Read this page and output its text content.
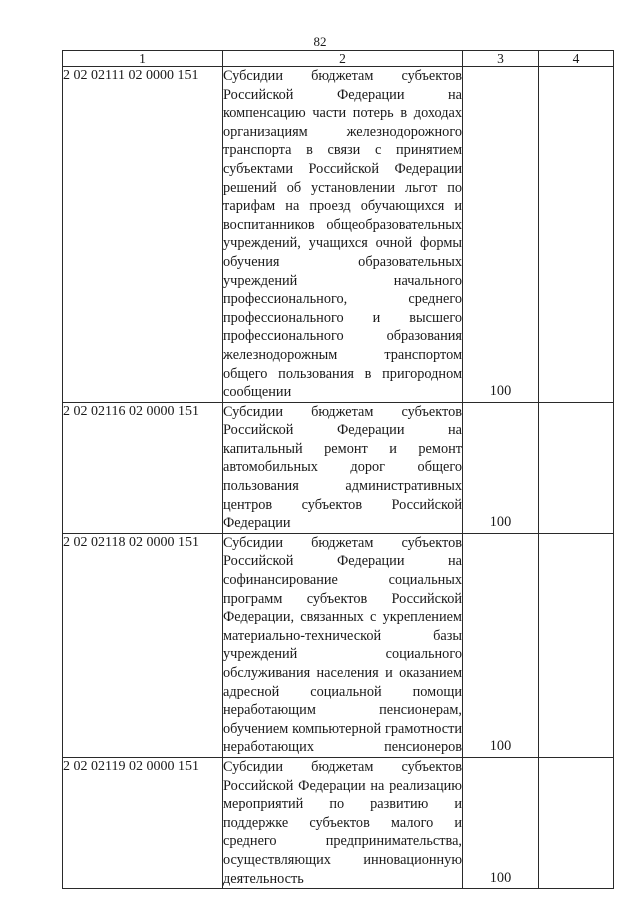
82
1	2	3	4
2 02 02111 02 0000 151	Субсидии бюджетам субъектов Российской Федерации на компенсацию части потерь в доходах организациям железнодорожного транспорта в связи с принятием субъектами Российской Федерации решений об установлении льгот по тарифам на проезд обучающихся и воспитанников общеобразовательных учреждений, учащихся очной формы обучения образовательных учреждений начального профессионального, среднего профессионального и высшего профессионального образования железнодорожным транспортом общего пользования в пригородном сообщении	100	
2 02 02116 02 0000 151	Субсидии бюджетам субъектов Российской Федерации на капитальный ремонт и ремонт автомобильных дорог общего пользования административных центров субъектов Российской Федерации	100	
2 02 02118 02 0000 151	Субсидии бюджетам субъектов Российской Федерации на софинансирование социальных программ субъектов Российской Федерации, связанных с укреплением материально-технической базы учреждений социального обслуживания населения и оказанием адресной социальной помощи неработающим пенсионерам, обучением компьютерной грамотности неработающих пенсионеров	100	
2 02 02119 02 0000 151	Субсидии бюджетам субъектов Российской Федерации на реализацию мероприятий по развитию и поддержке субъектов малого и среднего предпринимательства, осуществляющих инновационную деятельность	100	
